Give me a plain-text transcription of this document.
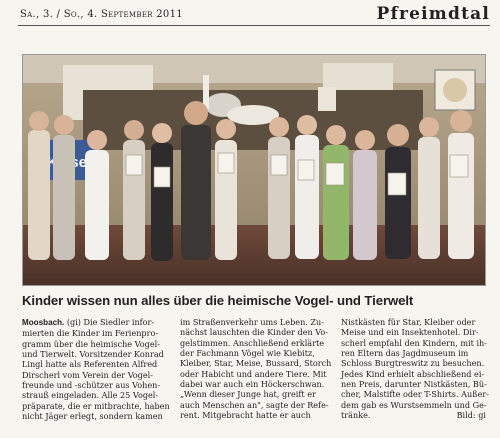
Sa., 3. / So., 4. September 2011	Pfreimdtal
Kinder wissen nun alles über die heimische Vogel- und Tierwelt
Moosbach. (gi) Die Siedler infor-
mierten die Kinder im Ferienpro-
gramm über die heimische Vogel-
und Tierwelt. Vorsitzender Konrad
Lingl hatte als Referenten Alfred
Dirscherl vom Verein der Vogel-
freunde und -schützer aus Vohen-
strauß eingeladen. Alle 25 Vogel-
präparate, die er mitbrachte, haben
nicht Jäger erlegt, sondern kamen
im Straßenverkehr ums Leben. Zu-
nächst lauschten die Kinder den Vo-
gelstimmen. Anschließend erklärte
der Fachmann Vögel wie Kiebitz,
Kleiber, Star, Meise, Bussard, Storch
oder Habicht und andere Tiere. Mit
dabei war auch ein Höckerschwan.
„Wenn dieser Junge hat, greift er
auch Menschen an", sagte der Refe-
rent. Mitgebracht hatte er auch
Nistkästen für Star, Kleiber oder
Meise und ein Insektenhotel. Dir-
scherl empfahl den Kindern, mit ih-
ren Eltern das Jagdmuseum im
Schloss Burgtreswitz zu besuchen.
Jedes Kind erhielt abschließend ei-
nen Preis, darunter Nistkästen, Bü-
cher, Malstifte oder T-Shirts. Außer-
dem gab es Wurstsemmeln und Ge-
tränke.	Bild: gi
